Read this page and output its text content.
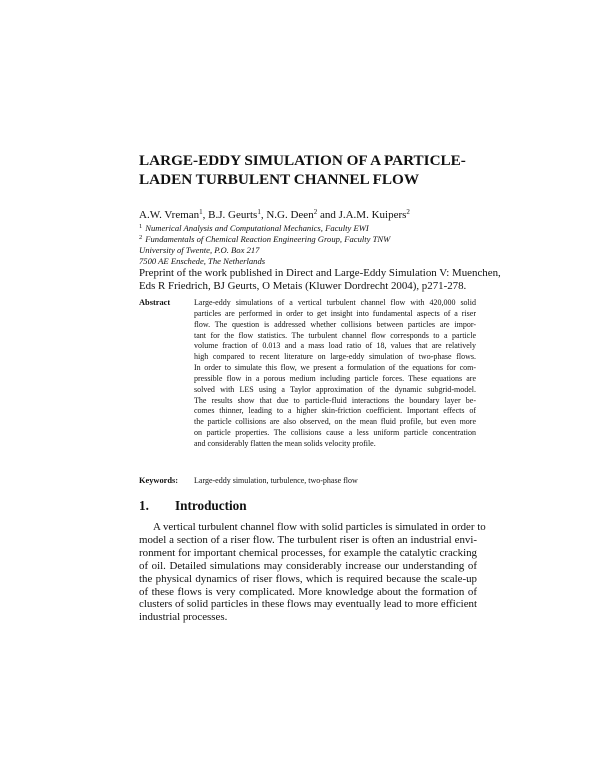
LARGE-EDDY SIMULATION OF A PARTICLE-
LADEN TURBULENT CHANNEL FLOW
A.W. Vreman$^1$, B.J. Geurts$^1$, N.G. Deen$^2$ and J.A.M. Kuipers$^2$
$^1$ Numerical Analysis and Computational Mechanics, Faculty EWI
$^2$ Fundamentals of Chemical Reaction Engineering Group, Faculty TNW
University of Twente, P.O. Box 217
7500 AE Enschede, The Netherlands
Preprint of the work published in Direct and Large-Eddy Simulation V: Muenchen,
Eds R Friedrich, BJ Geurts, O Metais (Kluwer Dordrecht 2004), p271-278.
Abstract	Large-eddy simulations of a vertical turbulent channel flow with 420,000 solid
particles are performed in order to get insight into fundamental aspects of a riser
flow. The question is addressed whether collisions between particles are impor-
tant for the flow statistics. The turbulent channel flow corresponds to a particle
volume fraction of 0.013 and a mass load ratio of 18, values that are relatively
high compared to recent literature on large-eddy simulation of two-phase flows.
In order to simulate this flow, we present a formulation of the equations for com-
pressible flow in a porous medium including particle forces. These equations are
solved with LES using a Taylor approximation of the dynamic subgrid-model.
The results show that due to particle-fluid interactions the boundary layer be-
comes thinner, leading to a higher skin-friction coefficient. Important effects of
the particle collisions are also observed, on the mean fluid profile, but even more
on particle properties. The collisions cause a less uniform particle concentration
and considerably flatten the mean solids velocity profile.
Keywords: Large-eddy simulation, turbulence, two-phase flow
1. Introduction
A vertical turbulent channel flow with solid particles is simulated in order to
model a section of a riser flow. The turbulent riser is often an industrial envi-
ronment for important chemical processes, for example the catalytic cracking
of oil. Detailed simulations may considerably increase our understanding of
the physical dynamics of riser flows, which is required because the scale-up
of these flows is very complicated. More knowledge about the formation of
clusters of solid particles in these flows may eventually lead to more efficient
industrial processes.
